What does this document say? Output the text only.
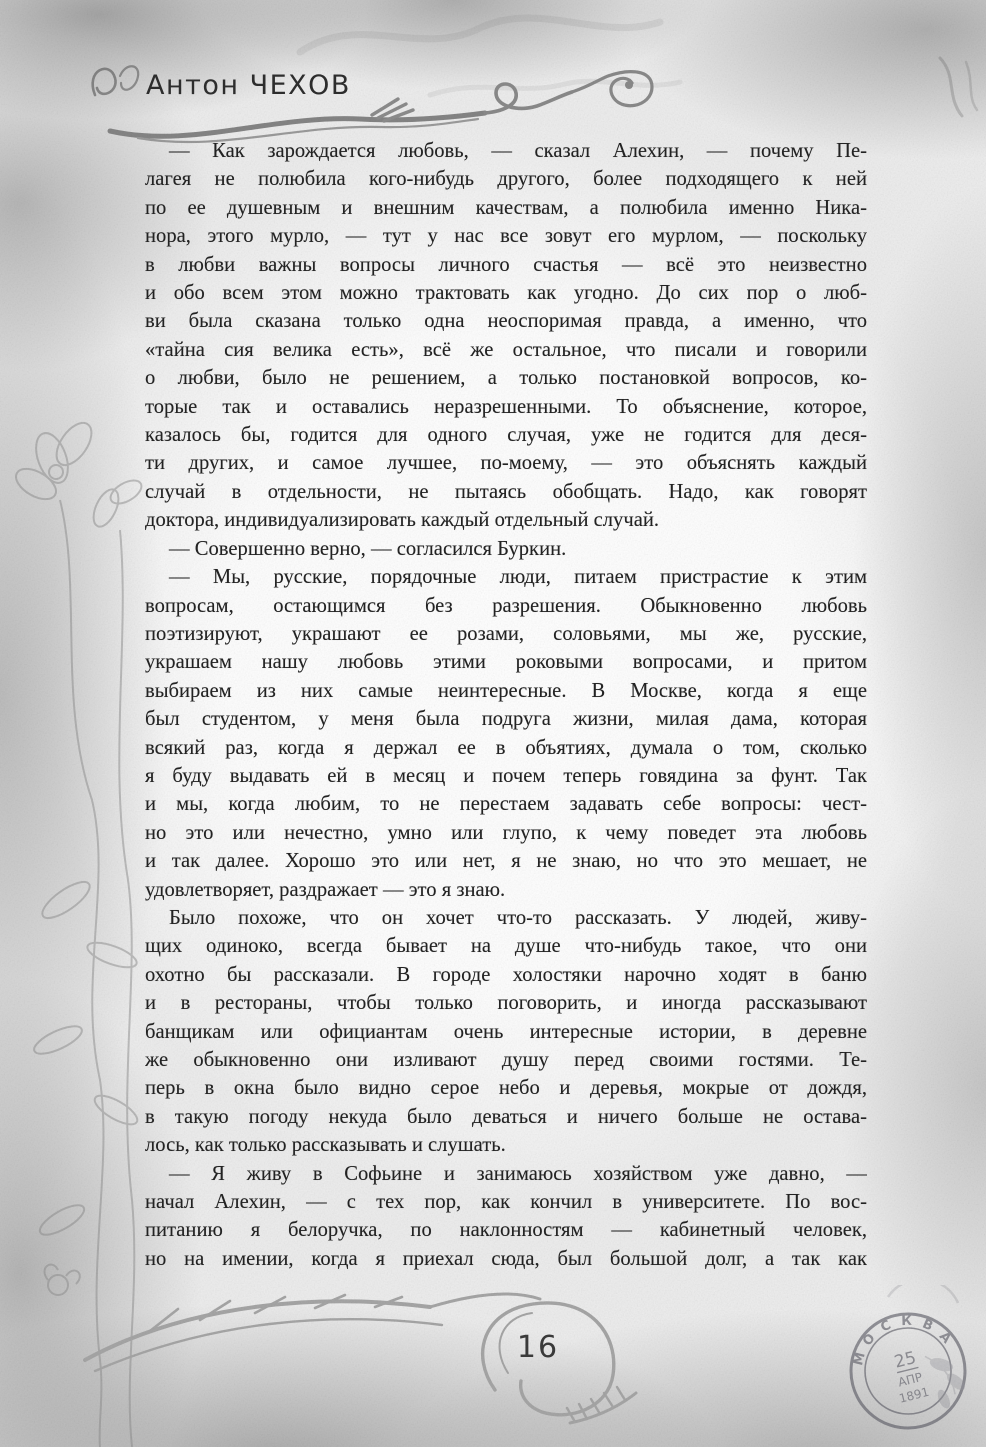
Антон ЧЕХОВ
— Как зарождается любовь, — сказал Алехин, — почему Пе-
лагея не полюбила кого-нибудь другого, более подходящего к ней
по ее душевным и внешним качествам, а полюбила именно Ника-
нора, этого мурло, — тут у нас все зовут его мурлом, — поскольку
в любви важны вопросы личного счастья — всё это неизвестно
и обо всем этом можно трактовать как угодно. До сих пор о люб-
ви была сказана только одна неоспоримая правда, а именно, что
«тайна сия велика есть», всё же остальное, что писали и говорили
о любви, было не решением, а только постановкой вопросов, ко-
торые так и оставались неразрешенными. То объяснение, которое,
казалось бы, годится для одного случая, уже не годится для деся-
ти других, и самое лучшее, по-моему, — это объяснять каждый
случай в отдельности, не пытаясь обобщать. Надо, как говорят
доктора, индивидуализировать каждый отдельный случай.
— Совершенно верно, — согласился Буркин.
— Мы, русские, порядочные люди, питаем пристрастие к этим
вопросам, остающимся без разрешения. Обыкновенно любовь
поэтизируют, украшают ее розами, соловьями, мы же, русские,
украшаем нашу любовь этими роковыми вопросами, и притом
выбираем из них самые неинтересные. В Москве, когда я еще
был студентом, у меня была подруга жизни, милая дама, которая
всякий раз, когда я держал ее в объятиях, думала о том, сколько
я буду выдавать ей в месяц и почем теперь говядина за фунт. Так
и мы, когда любим, то не перестаем задавать себе вопросы: чест-
но это или нечестно, умно или глупо, к чему поведет эта любовь
и так далее. Хорошо это или нет, я не знаю, но что это мешает, не
удовлетворяет, раздражает — это я знаю.
Было похоже, что он хочет что-то рассказать. У людей, живу-
щих одиноко, всегда бывает на душе что-нибудь такое, что они
охотно бы рассказали. В городе холостяки нарочно ходят в баню
и в рестораны, чтобы только поговорить, и иногда рассказывают
банщикам или официантам очень интересные истории, в деревне
же обыкновенно они изливают душу перед своими гостями. Те-
перь в окна было видно серое небо и деревья, мокрые от дождя,
в такую погоду некуда было деваться и ничего больше не остава-
лось, как только рассказывать и слушать.
— Я живу в Софьине и занимаюсь хозяйством уже давно, —
начал Алехин, — с тех пор, как кончил в университете. По вос-
питанию я белоручка, по наклонностям — кабинетный человек,
но на имении, когда я приехал сюда, был большой долг, а так как
16	М
О
С К В
А
25
АПР
1891
